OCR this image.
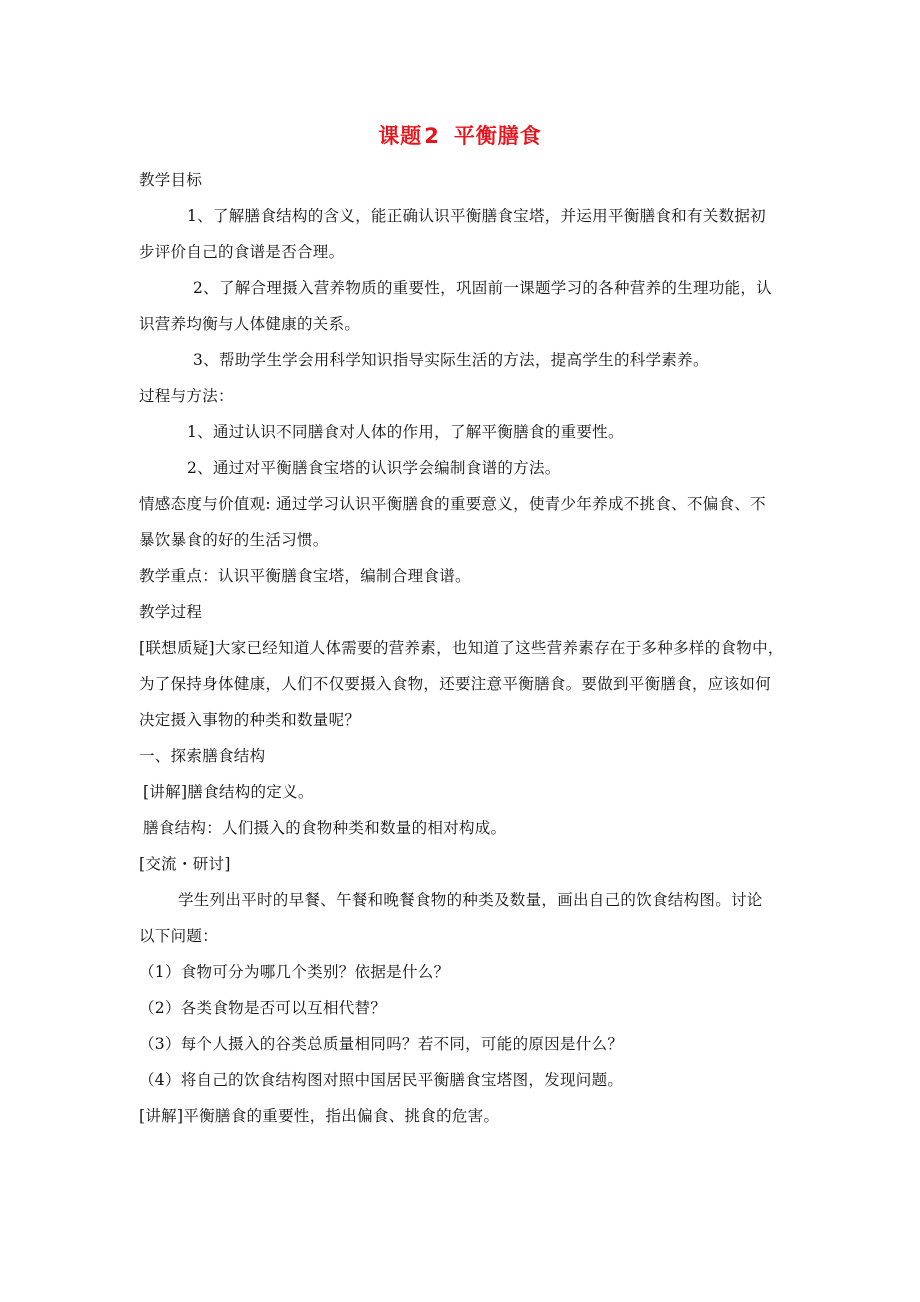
课题2 平衡膳食
教学目标
1、了解膳食结构的含义，能正确认识平衡膳食宝塔，并运用平衡膳食和有关数据初
步评价自己的食谱是否合理。
2、了解合理摄入营养物质的重要性，巩固前一课题学习的各种营养的生理功能，认
识营养均衡与人体健康的关系。
3、帮助学生学会用科学知识指导实际生活的方法，提高学生的科学素养。
过程与方法：
1、通过认识不同膳食对人体的作用，了解平衡膳食的重要性。
2、通过对平衡膳食宝塔的认识学会编制食谱的方法。
情感态度与价值观: 通过学习认识平衡膳食的重要意义，使青少年养成不挑食、不偏食、不
暴饮暴食的好的生活习惯。
教学重点：认识平衡膳食宝塔，编制合理食谱。
教学过程
[联想质疑]大家已经知道人体需要的营养素，也知道了这些营养素存在于多种多样的食物中，
为了保持身体健康，人们不仅要摄入食物，还要注意平衡膳食。要做到平衡膳食，应该如何
决定摄入事物的种类和数量呢？
一、探索膳食结构
[讲解]膳食结构的定义。
膳食结构：人们摄入的食物种类和数量的相对构成。
[交流・研讨]
学生列出平时的早餐、午餐和晚餐食物的种类及数量，画出自己的饮食结构图。讨论
以下问题：
（1）食物可分为哪几个类别？依据是什么？
（2）各类食物是否可以互相代替？
（3）每个人摄入的谷类总质量相同吗？若不同，可能的原因是什么？
（4）将自己的饮食结构图对照中国居民平衡膳食宝塔图，发现问题。
[讲解]平衡膳食的重要性，指出偏食、挑食的危害。
